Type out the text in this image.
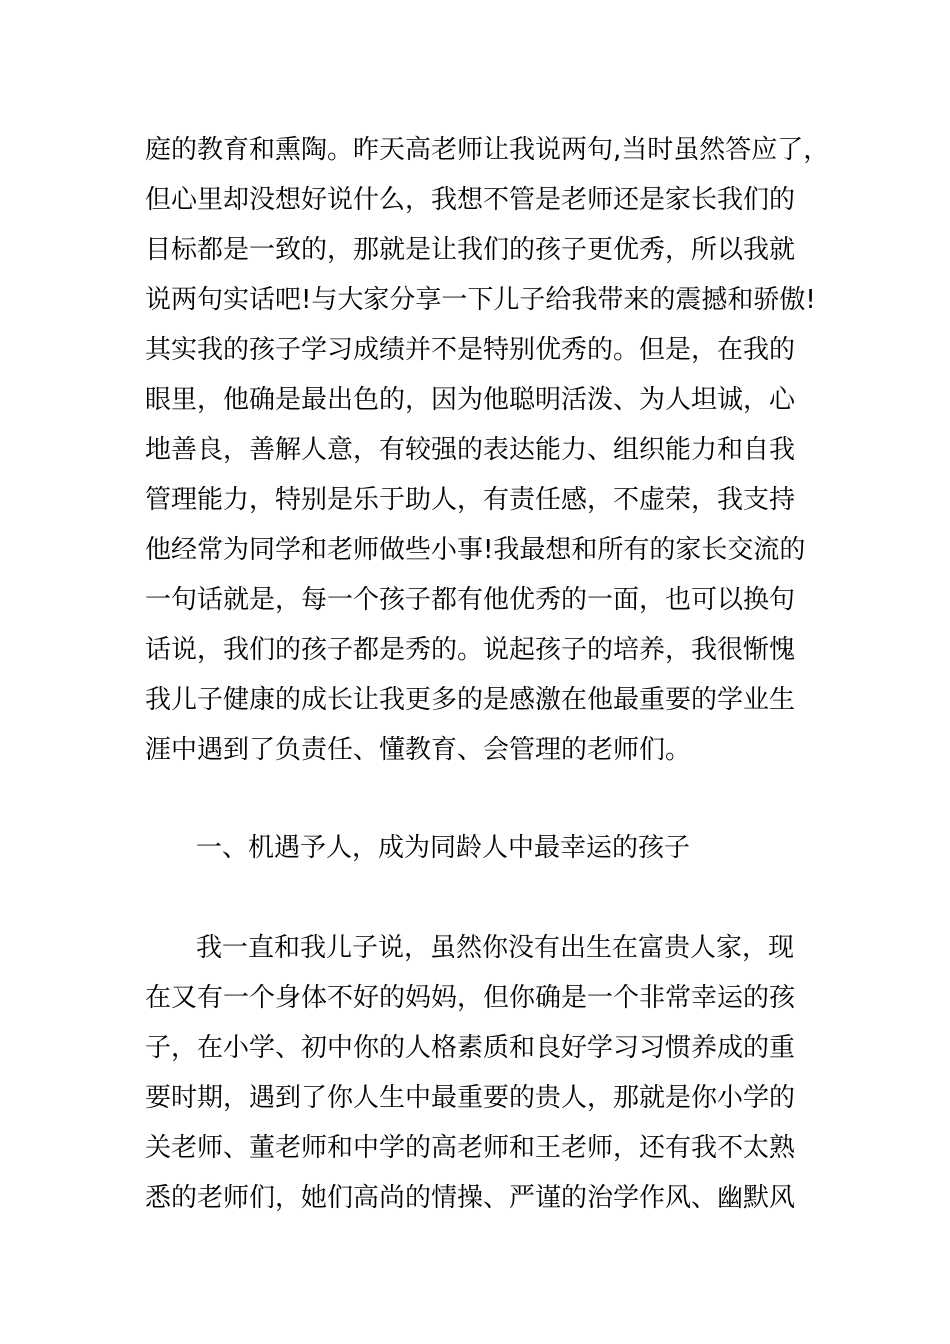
庭的教育和熏陶。昨天高老师让我说两句,当时虽然答应了，
但心里却没想好说什么，我想不管是老师还是家长我们的
目标都是一致的，那就是让我们的孩子更优秀，所以我就
说两句实话吧!与大家分享一下儿子给我带来的震撼和骄傲!
其实我的孩子学习成绩并不是特别优秀的。但是，在我的
眼里，他确是最出色的，因为他聪明活泼、为人坦诚，心
地善良，善解人意，有较强的表达能力、组织能力和自我
管理能力，特别是乐于助人，有责任感，不虚荣，我支持
他经常为同学和老师做些小事!我最想和所有的家长交流的
一句话就是，每一个孩子都有他优秀的一面，也可以换句
话说，我们的孩子都是秀的。说起孩子的培养，我很惭愧
我儿子健康的成长让我更多的是感激在他最重要的学业生
涯中遇到了负责任、懂教育、会管理的老师们。
一、机遇予人，成为同龄人中最幸运的孩子
我一直和我儿子说，虽然你没有出生在富贵人家，现
在又有一个身体不好的妈妈，但你确是一个非常幸运的孩
子，在小学、初中你的人格素质和良好学习习惯养成的重
要时期，遇到了你人生中最重要的贵人，那就是你小学的
关老师、董老师和中学的高老师和王老师，还有我不太熟
悉的老师们，她们高尚的情操、严谨的治学作风、幽默风
